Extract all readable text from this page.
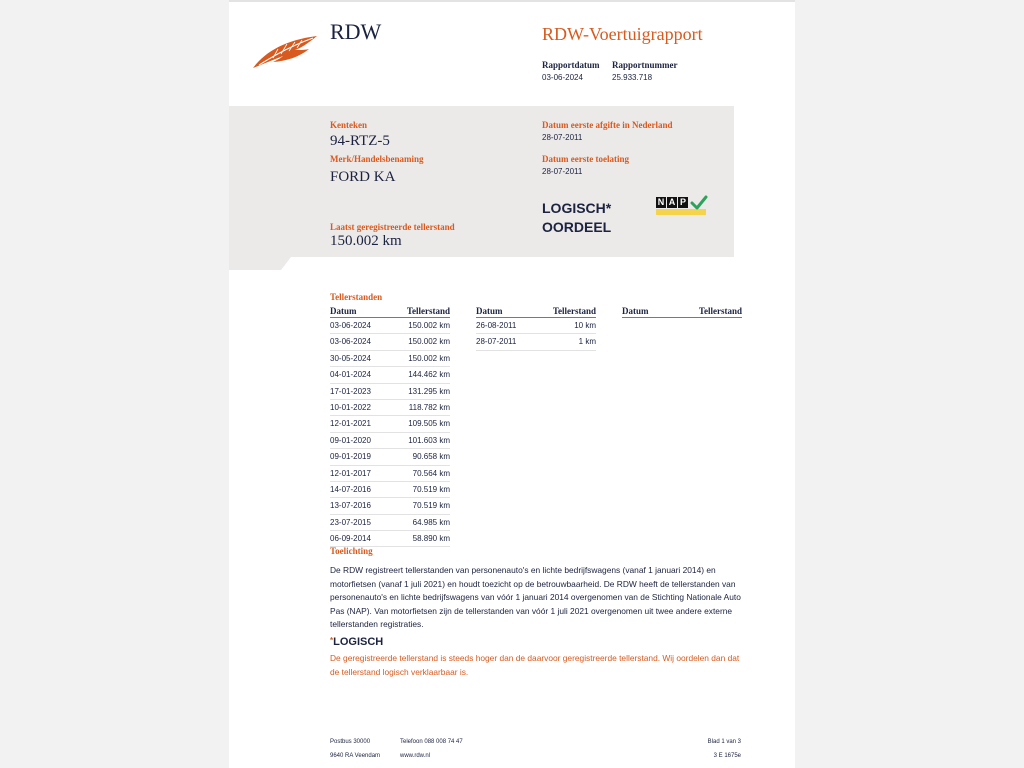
RDW	RDW-Voertuigrapport
Rapportdatum
03-06-2024
Rapportnummer
25.933.718
Kenteken
94-RTZ-5
Merk/Handelsbenaming
FORD KA
Laatst geregistreerde tellerstand
150.002 km
Datum eerste afgifte in Nederland
28-07-2011
Datum eerste toelating
28-07-2011
LOGISCH*
OORDEEL
N A P
Tellerstanden
Datum	Tellerstand
03-06-2024	150.002 km
03-06-2024	150.002 km
30-05-2024	150.002 km
04-01-2024	144.462 km
17-01-2023	131.295 km
10-01-2022	118.782 km
12-01-2021	109.505 km
09-01-2020	101.603 km
09-01-2019	90.658 km
12-01-2017	70.564 km
14-07-2016	70.519 km
13-07-2016	70.519 km
23-07-2015	64.985 km
06-09-2014	58.890 km
Datum	Tellerstand
26-08-2011	10 km
28-07-2011	1 km
Datum	Tellerstand
Toelichting
De RDW registreert tellerstanden van personenauto's en lichte bedrijfswagens (vanaf 1 januari 2014) en motorfietsen (vanaf 1 juli 2021) en houdt toezicht op de betrouwbaarheid. De RDW heeft de tellerstanden van personenauto's en lichte bedrijfswagens van vóór 1 januari 2014 overgenomen van de Stichting Nationale Auto Pas (NAP). Van motorfietsen zijn de tellerstanden van vóór 1 juli 2021 overgenomen uit twee andere externe tellerstanden registraties.
*LOGISCH
De geregistreerde tellerstand is steeds hoger dan de daarvoor geregistreerde tellerstand. Wij oordelen dan dat de tellerstand logisch verklaarbaar is.
Postbus 30000
9640 RA Veendam
Telefoon 088 008 74 47
www.rdw.nl
Blad 1 van 3
3 E 1675e
